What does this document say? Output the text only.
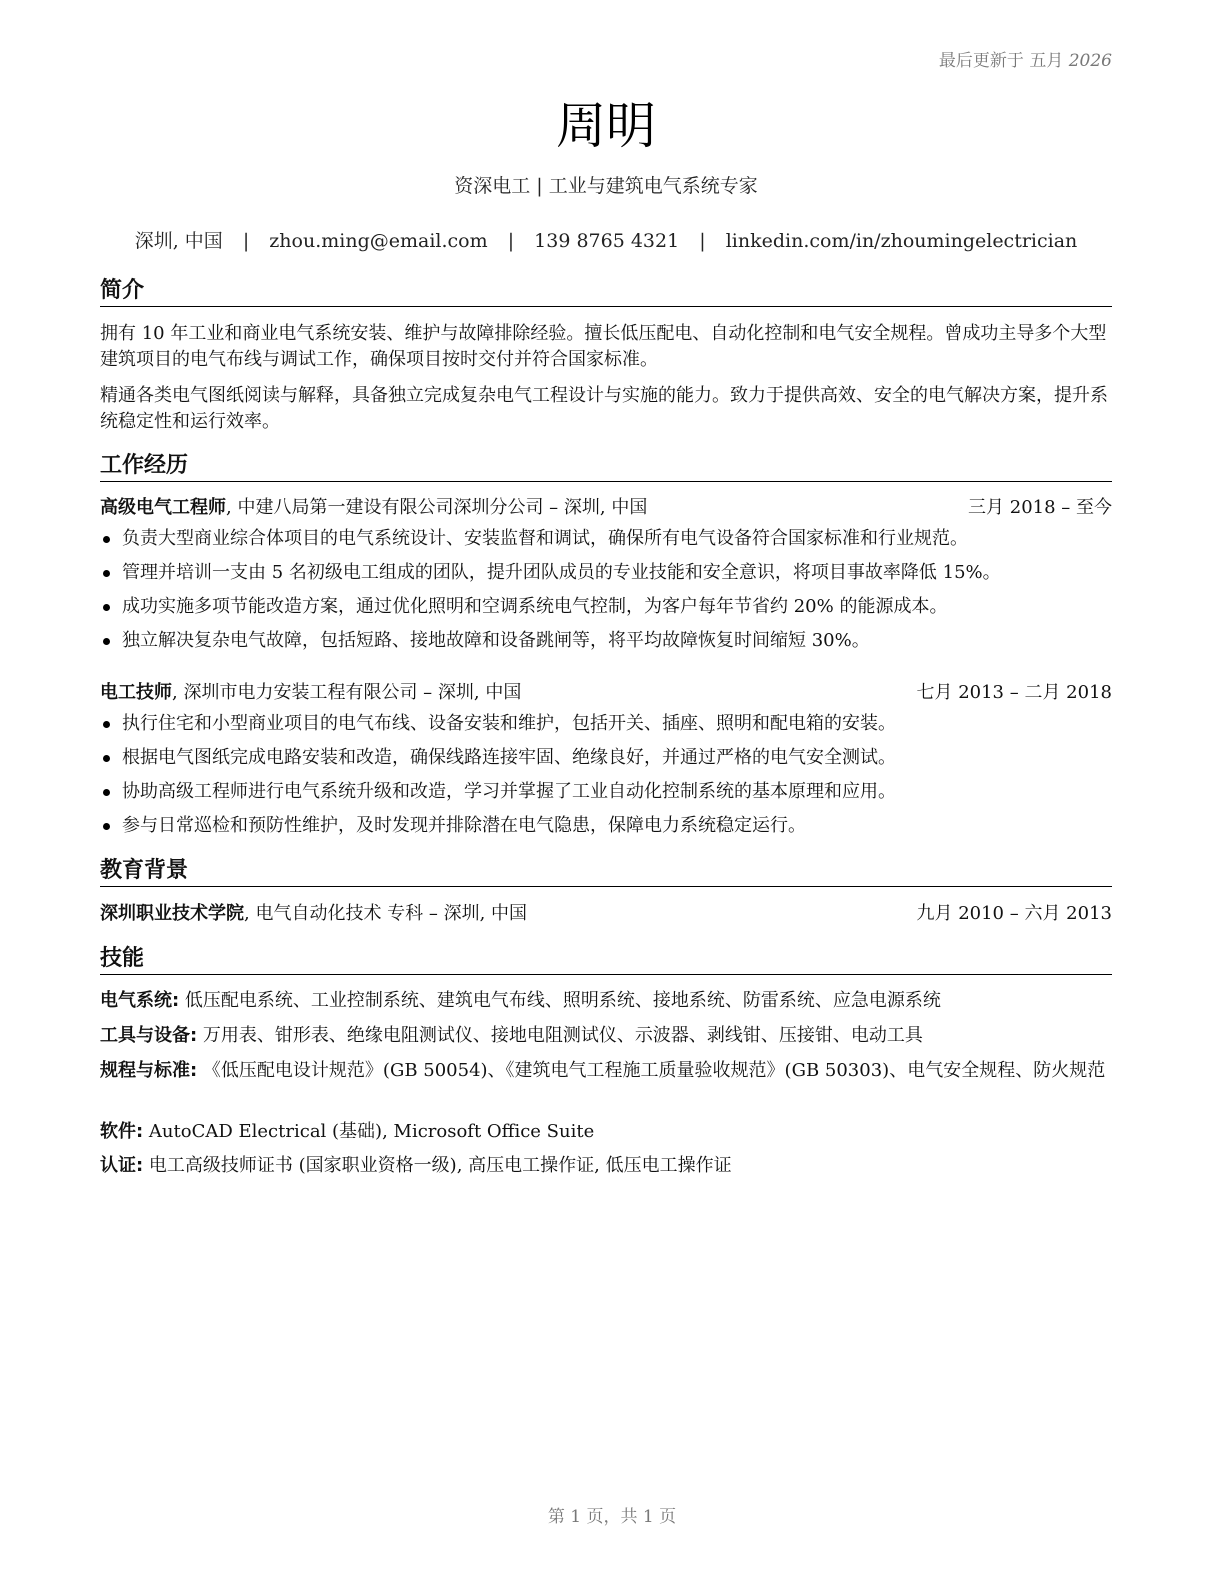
最后更新于 五月 2026
周明
资深电工 | 工业与建筑电气系统专家
深圳, 中国 | zhou.ming@email.com | 139 8765 4321 | linkedin.com/in/zhoumingelectrician
简介
拥有 10 年工业和商业电气系统安装、维护与故障排除经验。擅长低压配电、自动化控制和电气安全规程。曾成功主导多个大型建筑项目的电气布线与调试工作，确保项目按时交付并符合国家标准。
精通各类电气图纸阅读与解释，具备独立完成复杂电气工程设计与实施的能力。致力于提供高效、安全的电气解决方案，提升系统稳定性和运行效率。
工作经历
高级电气工程师, 中建八局第一建设有限公司深圳分公司 – 深圳, 中国	三月 2018 – 至今
负责大型商业综合体项目的电气系统设计、安装监督和调试，确保所有电气设备符合国家标准和行业规范。
管理并培训一支由 5 名初级电工组成的团队，提升团队成员的专业技能和安全意识，将项目事故率降低 15%。
成功实施多项节能改造方案，通过优化照明和空调系统电气控制，为客户每年节省约 20% 的能源成本。
独立解决复杂电气故障，包括短路、接地故障和设备跳闸等，将平均故障恢复时间缩短 30%。
电工技师, 深圳市电力安装工程有限公司 – 深圳, 中国	七月 2013 – 二月 2018
执行住宅和小型商业项目的电气布线、设备安装和维护，包括开关、插座、照明和配电箱的安装。
根据电气图纸完成电路安装和改造，确保线路连接牢固、绝缘良好，并通过严格的电气安全测试。
协助高级工程师进行电气系统升级和改造，学习并掌握了工业自动化控制系统的基本原理和应用。
参与日常巡检和预防性维护，及时发现并排除潜在电气隐患，保障电力系统稳定运行。
教育背景
深圳职业技术学院, 电气自动化技术 专科 – 深圳, 中国	九月 2010 – 六月 2013
技能
电气系统: 低压配电系统、工业控制系统、建筑电气布线、照明系统、接地系统、防雷系统、应急电源系统
工具与设备: 万用表、钳形表、绝缘电阻测试仪、接地电阻测试仪、示波器、剥线钳、压接钳、电动工具
规程与标准: 《低压配电设计规范》(GB 50054)、《建筑电气工程施工质量验收规范》(GB 50303)、电气安全规程、防火规范
软件: AutoCAD Electrical (基础), Microsoft Office Suite
认证: 电工高级技师证书 (国家职业资格一级), 高压电工操作证, 低压电工操作证
第 1 页，共 1 页
